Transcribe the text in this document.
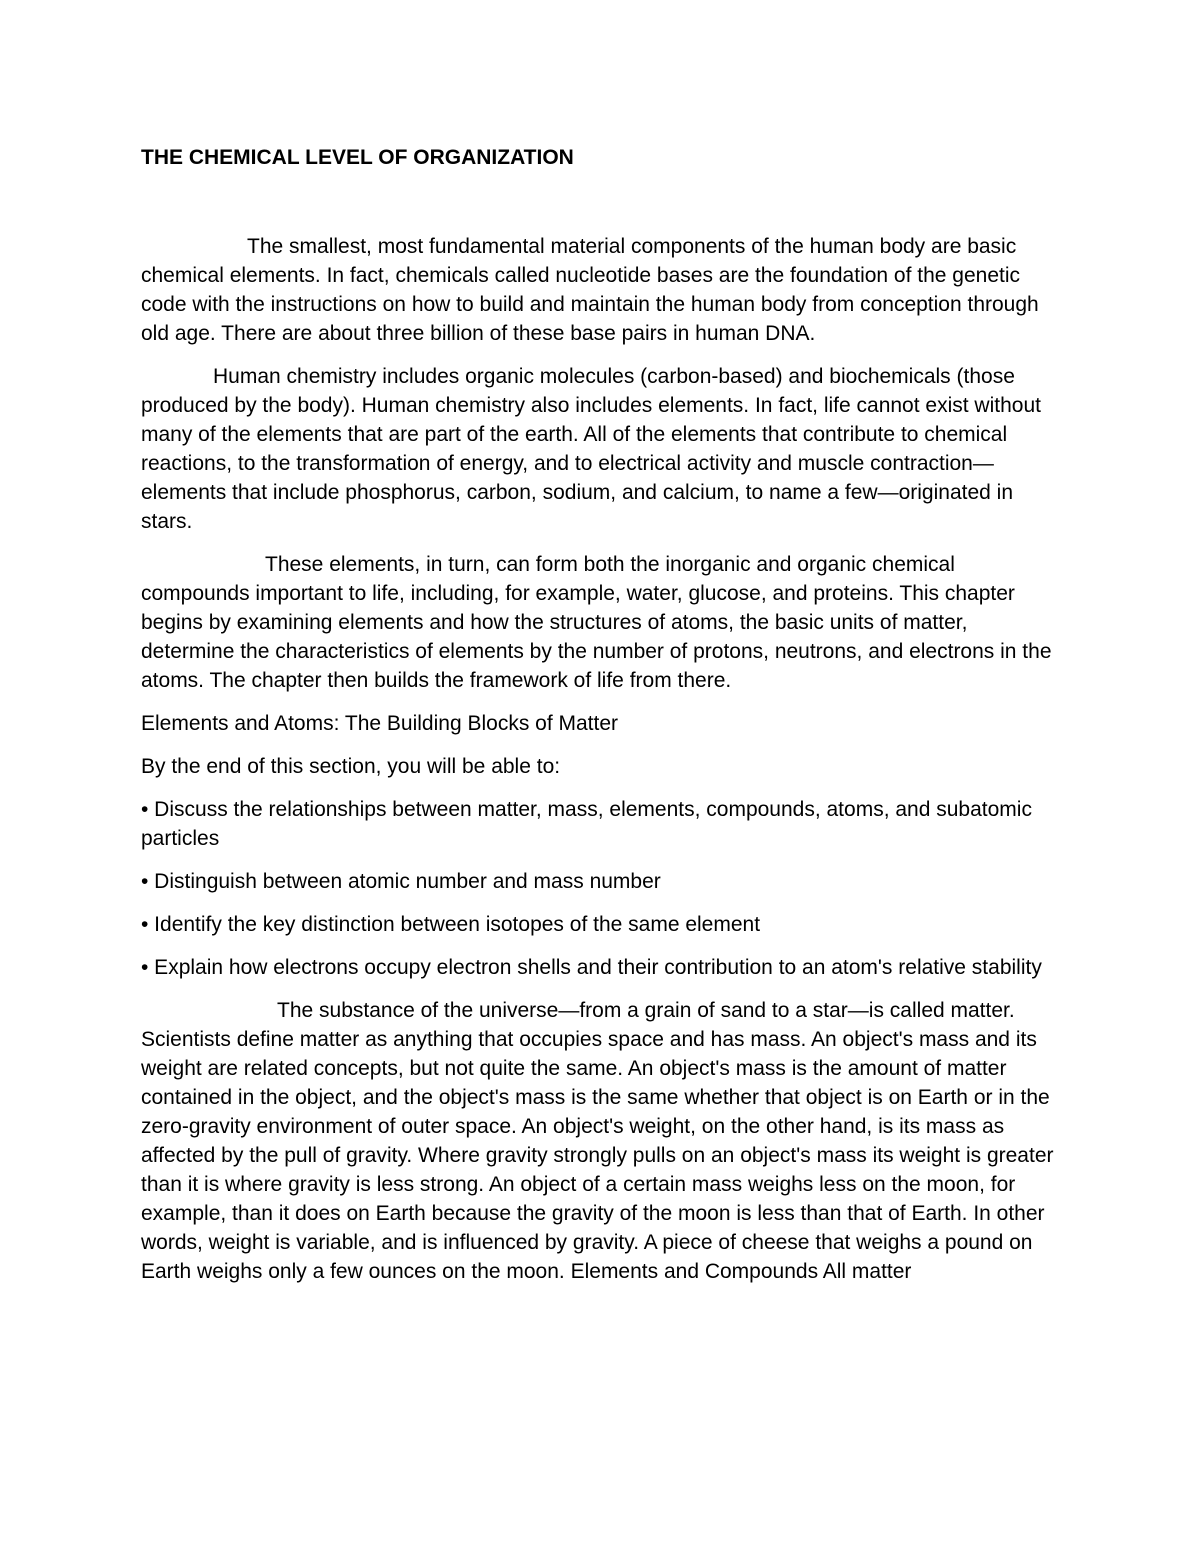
THE CHEMICAL LEVEL OF ORGANIZATION

The smallest, most fundamental material components of the human body are basic chemical elements. In fact, chemicals called nucleotide bases are the foundation of the genetic code with the instructions on how to build and maintain the human body from conception through old age. There are about three billion of these base pairs in human DNA.

Human chemistry includes organic molecules (carbon-based) and biochemicals (those produced by the body). Human chemistry also includes elements. In fact, life cannot exist without many of the elements that are part of the earth. All of the elements that contribute to chemical reactions, to the transformation of energy, and to electrical activity and muscle contraction—elements that include phosphorus, carbon, sodium, and calcium, to name a few—originated in stars.

These elements, in turn, can form both the inorganic and organic chemical compounds important to life, including, for example, water, glucose, and proteins. This chapter begins by examining elements and how the structures of atoms, the basic units of matter, determine the characteristics of elements by the number of protons, neutrons, and electrons in the atoms. The chapter then builds the framework of life from there.

Elements and Atoms: The Building Blocks of Matter

By the end of this section, you will be able to:

• Discuss the relationships between matter, mass, elements, compounds, atoms, and subatomic particles

• Distinguish between atomic number and mass number

• Identify the key distinction between isotopes of the same element

• Explain how electrons occupy electron shells and their contribution to an atom's relative stability

The substance of the universe—from a grain of sand to a star—is called matter. Scientists define matter as anything that occupies space and has mass. An object's mass and its weight are related concepts, but not quite the same. An object's mass is the amount of matter contained in the object, and the object's mass is the same whether that object is on Earth or in the zero-gravity environment of outer space. An object's weight, on the other hand, is its mass as affected by the pull of gravity. Where gravity strongly pulls on an object's mass its weight is greater than it is where gravity is less strong. An object of a certain mass weighs less on the moon, for example, than it does on Earth because the gravity of the moon is less than that of Earth. In other words, weight is variable, and is influenced by gravity. A piece of cheese that weighs a pound on Earth weighs only a few ounces on the moon. Elements and Compounds All matter
